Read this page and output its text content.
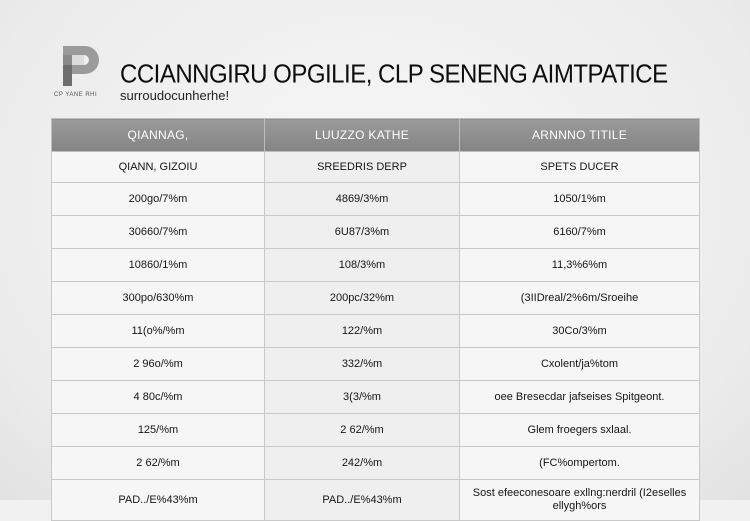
CP YANE RHI
CCIANNGIRU OPGILIE, CLP SENENG AIMTPATICE
surroudocunherhe!
QIANNAG,	LUUZZO KATHE	ARNNNO TITILE
QIANN, GIZOIU	SREEDRIS DERP	SPETS DUCER
200go/7%m	4869/3%m	1050/1%m
30660/7%m	6U87/3%m	6160/7%m
10860/1%m	108/3%m	11,3%6%m
300po/630%m	200pc/32%m	(3IIDreal/2%6m/Sroeihe
11(o%/%m	122/%m	30Co/3%m
2 96o/%m	332/%m	Cxolent/ja%tom
4 80c/%m	3(3/%m	oee Bresecdar jafseises Spitgeont.
125/%m	2 62/%m	Glem froegers sxlaal.
2 62/%m	242/%m	(FC%ompertom.
PAD../E%43%m	PAD../E%43%m	Sost efeeconesoare exllng:nerdril (I2eselles ellygh%ors
